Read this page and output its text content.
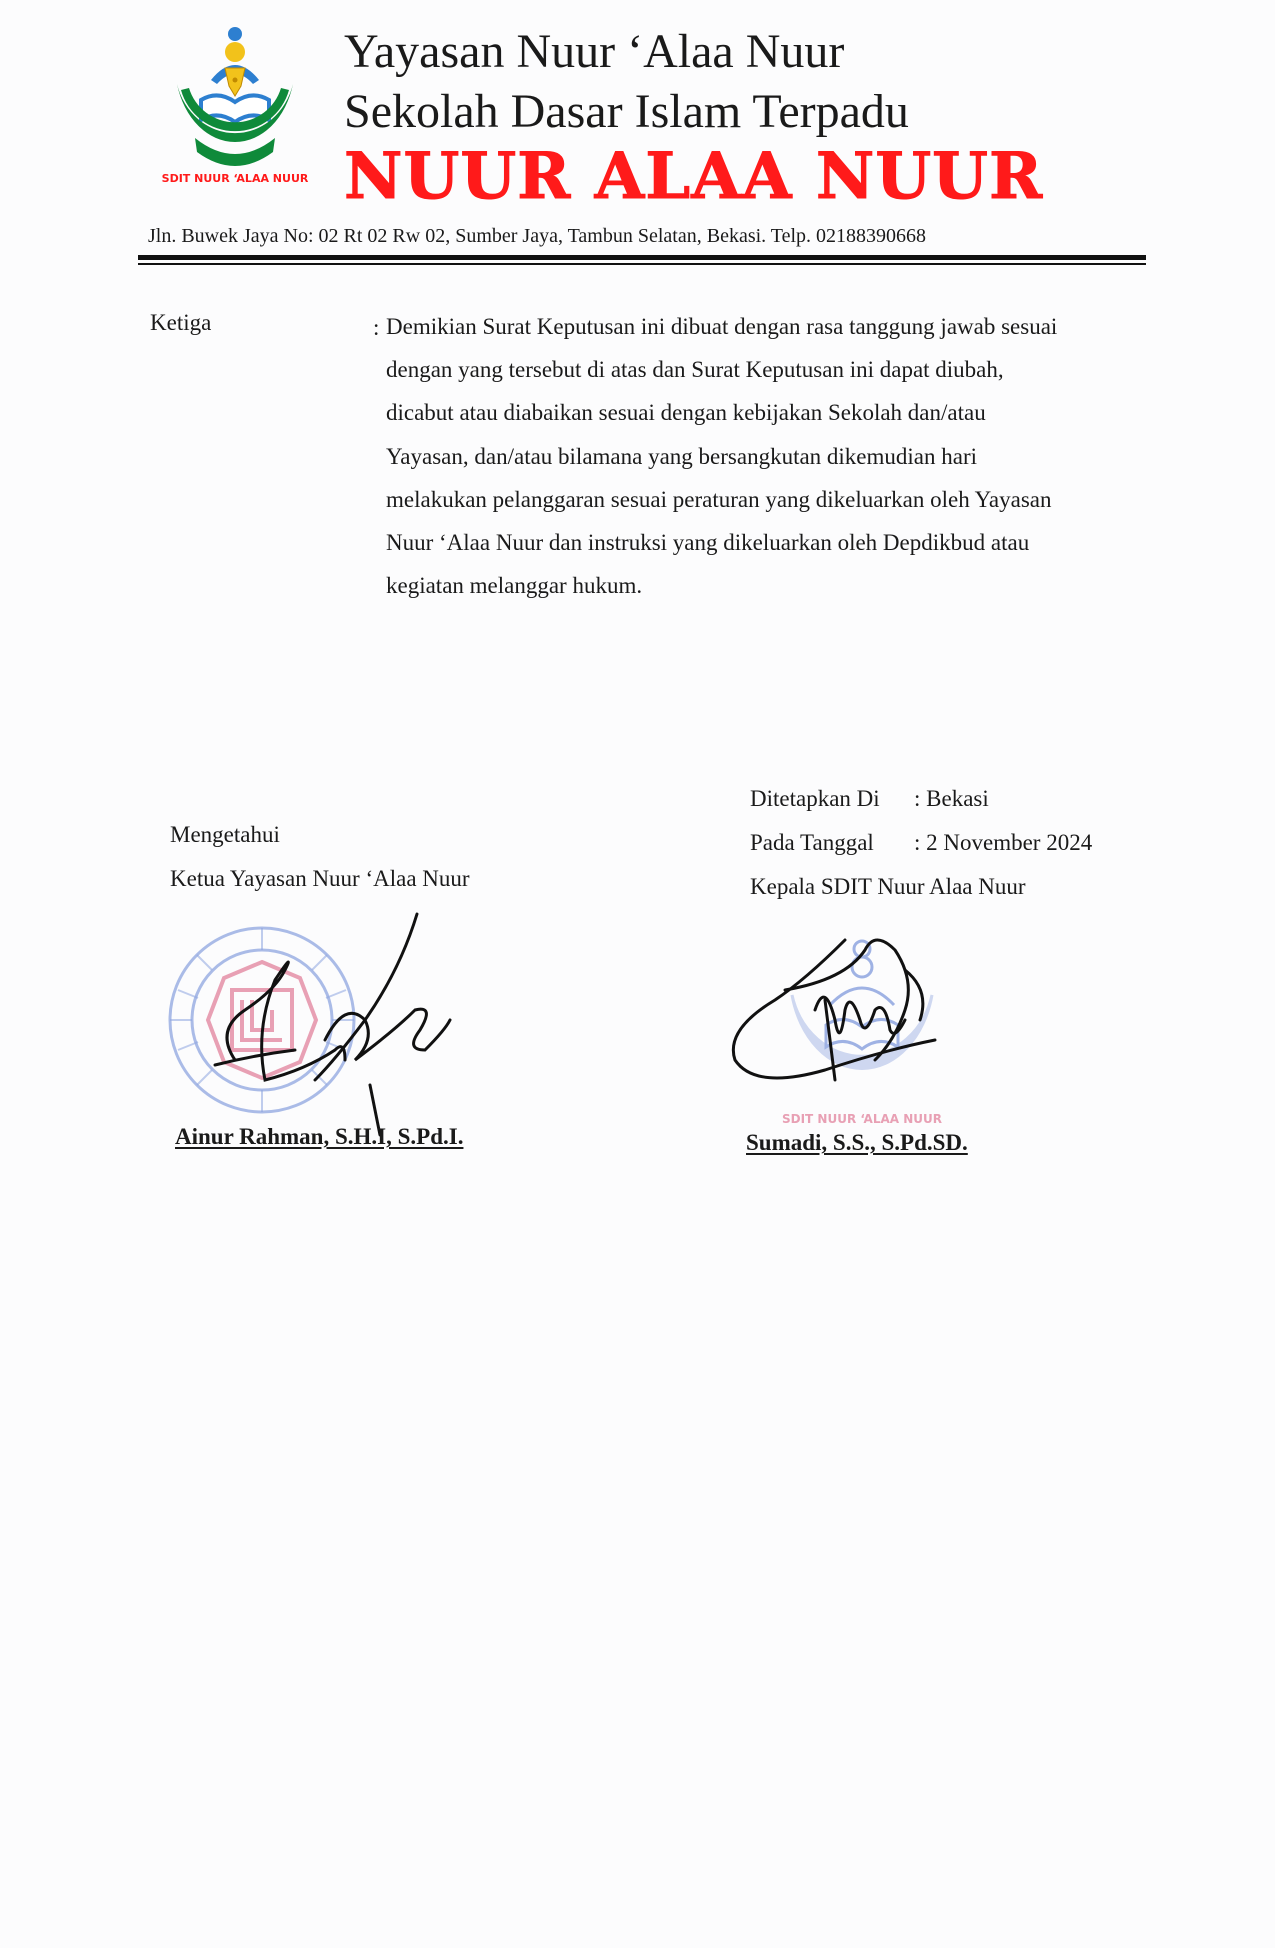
SDIT NUUR ‘ALAA NUUR
Yayasan Nuur ‘Alaa Nuur
Sekolah Dasar Islam Terpadu
NUUR ALAA NUUR
Jln. Buwek Jaya No: 02 Rt 02 Rw 02, Sumber Jaya, Tambun Selatan, Bekasi. Telp. 02188390668
Ketiga	: Demikian Surat Keputusan ini dibuat dengan rasa tanggung jawab sesuai
dengan yang tersebut di atas dan Surat Keputusan ini dapat diubah,
dicabut atau diabaikan sesuai dengan kebijakan Sekolah dan/atau
Yayasan, dan/atau bilamana yang bersangkutan dikemudian hari
melakukan pelanggaran sesuai peraturan yang dikeluarkan oleh Yayasan
Nuur ‘Alaa Nuur dan instruksi yang dikeluarkan oleh Depdikbud atau
kegiatan melanggar hukum.
Mengetahui
Ketua Yayasan Nuur ‘Alaa Nuur
Ainur Rahman, S.H.I, S.Pd.I.
Ditetapkan Di : Bekasi
Pada Tanggal : 2 November 2024
Kepala SDIT Nuur Alaa Nuur
SDIT NUUR ‘ALAA NUUR
Sumadi, S.S., S.Pd.SD.
